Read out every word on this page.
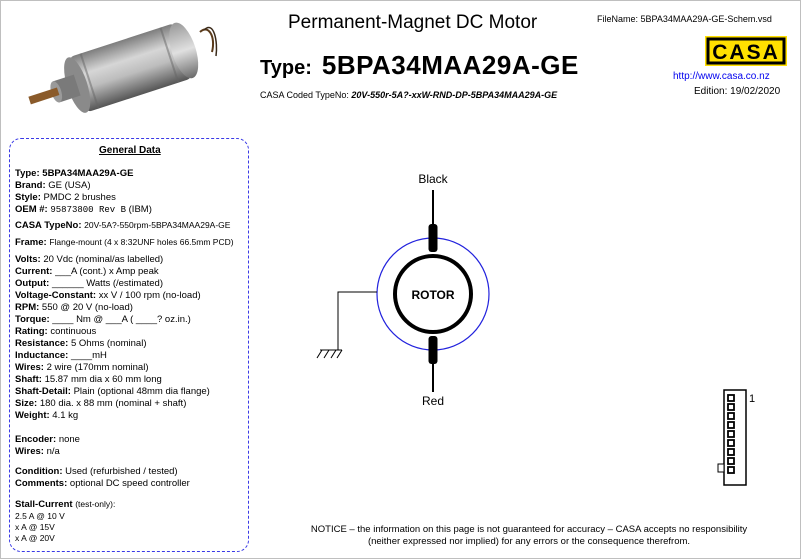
Permanent-Magnet DC Motor
Type: 5BPA34MAA29A-GE
CASA Coded TypeNo: 20V-550r-5A?-xxW-RND-DP-5BPA34MAA29A-GE
FileName: 5BPA34MAA29A-GE-Schem.vsd
CASA
http://www.casa.co.nz
Edition: 19/02/2020
General Data
Type: 5BPA34MAA29A-GE
Brand: GE (USA)
Style: PMDC 2 brushes
OEM #: 95873800 Rev B (IBM)
CASA TypeNo: 20V-5A?-550rpm-5BPA34MAA29A-GE
Frame: Flange-mount (4 x 8:32UNF holes 66.5mm PCD)
Volts: 20 Vdc (nominal/as labelled)
Current: ___A (cont.) x Amp peak
Output: ______ Watts (/estimated)
Voltage-Constant: xx V / 100 rpm (no-load)
RPM: 550 @ 20 V (no-load)
Torque: ____ Nm @ ___A ( ____? oz.in.)
Rating: continuous
Resistance: 5 Ohms (nominal)
Inductance: ____mH
Wires: 2 wire (170mm nominal)
Shaft: 15.87 mm dia x 60 mm long
Shaft-Detail: Plain (optional 48mm dia flange)
Size: 180 dia. x 88 mm (nominal + shaft)
Weight: 4.1 kg
Encoder: none
Wires: n/a
Condition: Used (refurbished / tested)
Comments: optional DC speed controller
Stall-Current (test-only):
2.5 A @ 10 V
x A @ 15V
x A @ 20V
ROTOR
Black
Red	1
NOTICE – the information on this page is not guaranteed for accuracy – CASA accepts no responsibility
(neither expressed nor implied) for any errors or the consequence therefrom.
